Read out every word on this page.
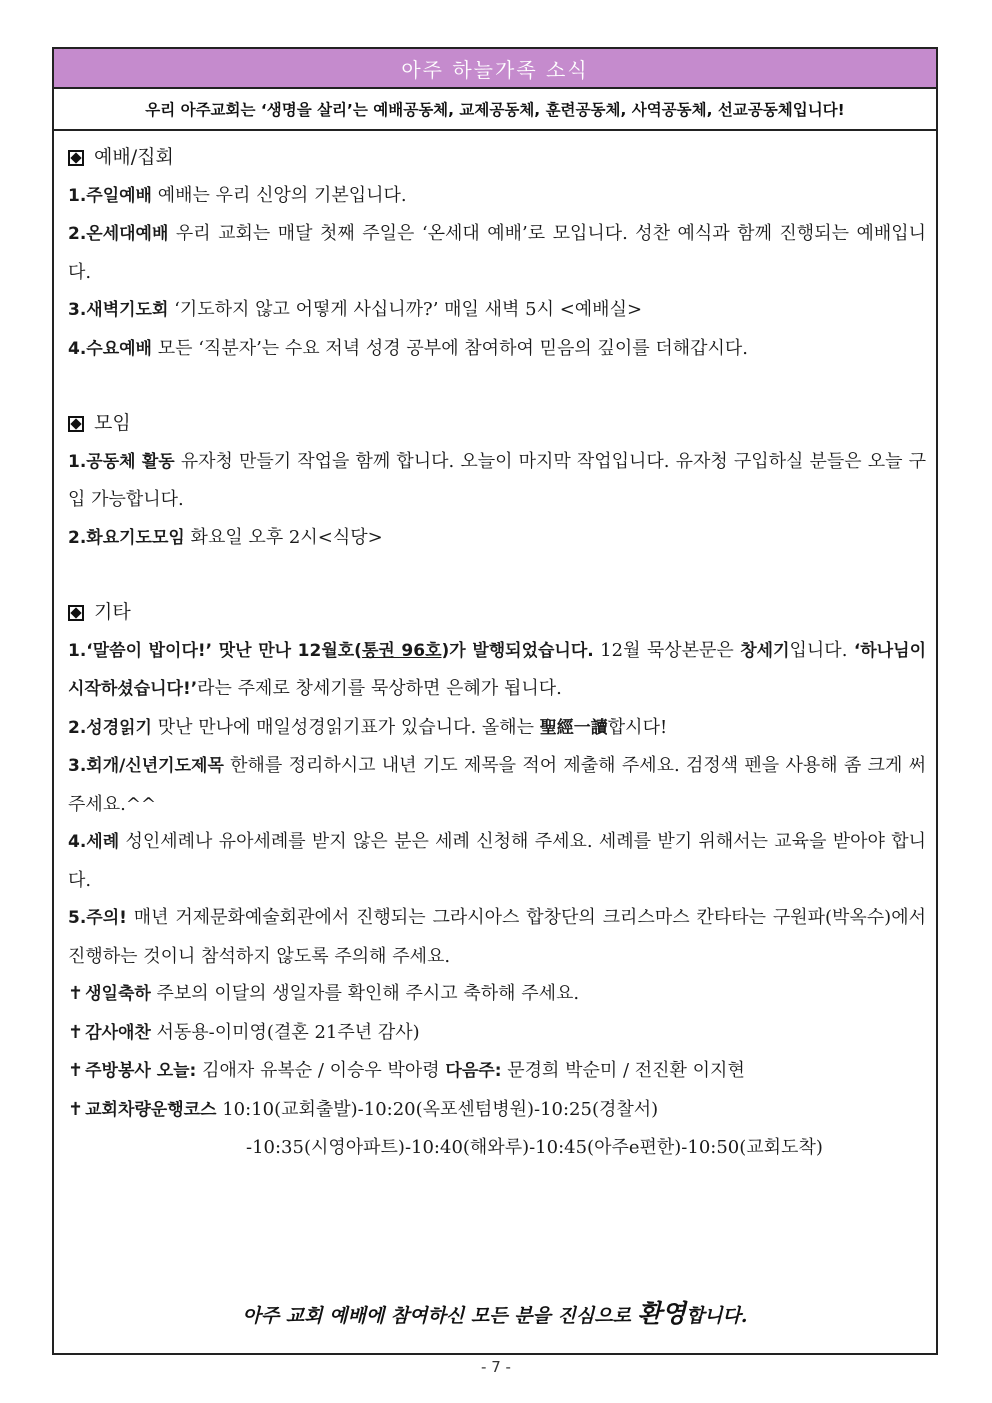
아주 하늘가족 소식
우리 아주교회는 ‘생명을 살리’는 예배공동체, 교제공동체, 훈련공동체, 사역공동체, 선교공동체입니다!
예배/집회
1.주일예배 예배는 우리 신앙의 기본입니다.
2.온세대예배 우리 교회는 매달 첫째 주일은 ‘온세대 예배’로 모입니다. 성찬 예식과 함께 진행되는 예배입니다.
3.새벽기도회 ‘기도하지 않고 어떻게 사십니까?’ 매일 새벽 5시 <예배실>
4.수요예배 모든 ‘직분자’는 수요 저녁 성경 공부에 참여하여 믿음의 깊이를 더해갑시다.
모임
1.공동체 활동 유자청 만들기 작업을 함께 합니다. 오늘이 마지막 작업입니다. 유자청 구입하실 분들은 오늘 구입 가능합니다.
2.화요기도모임 화요일 오후 2시<식당>
기타
1.‘말씀이 밥이다!’ 맛난 만나 12월호(통권 96호)가 발행되었습니다. 12월 묵상본문은 창세기입니다. ‘하나님이 시작하셨습니다!’라는 주제로 창세기를 묵상하면 은혜가 됩니다.
2.성경읽기 맛난 만나에 매일성경읽기표가 있습니다. 올해는 聖經一讀합시다!
3.회개/신년기도제목 한해를 정리하시고 내년 기도 제목을 적어 제출해 주세요. 검정색 펜을 사용해 좀 크게 써주세요.^^
4.세례 성인세례나 유아세례를 받지 않은 분은 세례 신청해 주세요. 세례를 받기 위해서는 교육을 받아야 합니다.
5.주의! 매년 거제문화예술회관에서 진행되는 그라시아스 합창단의 크리스마스 칸타타는 구원파(박옥수)에서 진행하는 것이니 참석하지 않도록 주의해 주세요.
✝ 생일축하 주보의 이달의 생일자를 확인해 주시고 축하해 주세요.
✝ 감사애찬 서동용-이미영(결혼 21주년 감사)
✝ 주방봉사 오늘: 김애자 유복순 / 이승우 박아령 다음주: 문경희 박순미 / 전진환 이지현
✝ 교회차량운행코스 10:10(교회출발)-10:20(옥포센텀병원)-10:25(경찰서)
-10:35(시영아파트)-10:40(해와루)-10:45(아주e편한)-10:50(교회도착)
아주 교회 예배에 참여하신 모든 분을 진심으로 환영합니다.
- 7 -
